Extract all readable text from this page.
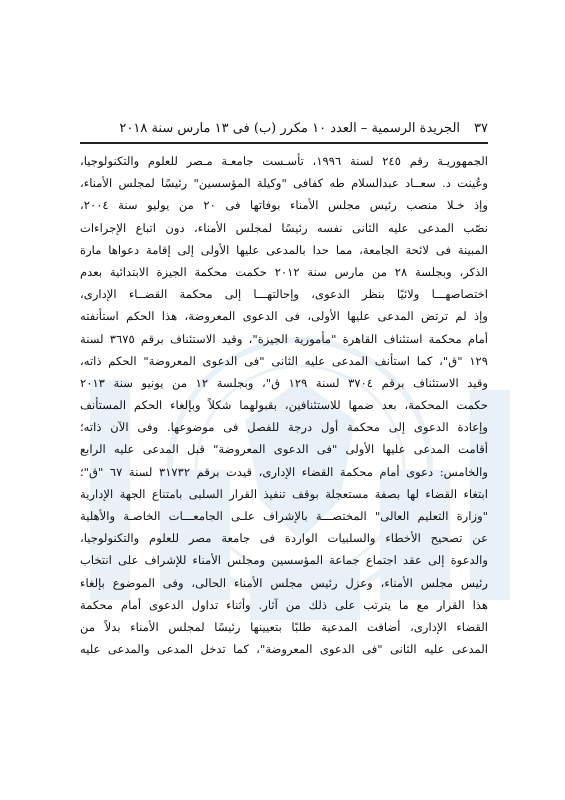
٣٧
الجريدة الرسمية – العدد ١٠ مكرر (ب) فى ١٣ مارس سنة ٢٠١٨
الجمهوريـة رقم ٢٤٥ لسنة ١٩٩٦، تأسـست جامعـة مـصر للعلوم والتكنولوجيا،
وعُينت د. سعــاد عبدالسلام طه كفافى "وكيلة المؤسسين" رئيسًا لمجلس الأمناء،
وإذ خـلا منصب رئيس مجلس الأمناء بوفاتها فى ٢٠ من يوليو سنة ٢٠٠٤،
نصّب المدعى عليه الثانى نفسه رئيسًا لمجلس الأمناء، دون اتباع الإجراءات
المبينة فى لائحة الجامعة، مما حدا بالمدعى عليها الأولى إلى إقامة دعواها مارة
الذكر، وبجلسة ٢٨ من مارس سنة ٢٠١٢ حكمت محكمة الجيزة الابتدائية بعدم
اختصاصهـــا ولائيًا بنظر الدعوى، وإحالتهـــا إلى محكمة القضــاء الإدارى،
وإذ لم ترتض المدعى عليها الأولى، فى الدعوى المعروضة، هذا الحكم استأنفته
أمام محكمة استئناف القاهرة "مأمورية الجيزة"، وقيد الاستئناف برقم ٣٦٧٥ لسنة
١٢٩ "ق"، كما استأنف المدعى عليه الثانى "فى الدعوى المعروضة" الحكم ذاته،
وقيد الاستئناف برقم ٣٧٠٤ لسنة ١٢٩ ق"، وبجلسة ١٢ من يونيو سنة ٢٠١٣
حكمت المحكمة، بعد ضمها للاستئنافين، بقبولهما شكلاً وبإلغاء الحكم المستأنف
وإعادة الدعوى إلى محكمة أول درجة للفصل فى موضوعها. وفى الآن ذاته؛
أقامت المدعى عليها الأولى "فى الدعوى المعروضة" قبل المدعى عليه الرابع
والخامس: دعوى أمام محكمة القضاء الإدارى، قيدت برقم ٣١٧٣٢ لسنة ٦٧ "ق"؛
ابتغاء القضاء لها بصفة مستعجلة بوقف تنفيذ القرار السلبى بامتناع الجهة الإدارية
"وزارة التعليم العالى" المختصـــة بالإشراف علـى الجامعـــات الخاصـة والأهلية
عن تصحيح الأخطاء والسلبيات الواردة فى جامعة مصر للعلوم والتكنولوجيا،
والدعوة إلى عقد اجتماع جماعة المؤسسين ومجلس الأمناء للإشراف على انتخاب
رئيس مجلس الأمناء، وعزل رئيس مجلس الأمناء الحالى، وفى الموضوع بإلغاء
هذا القرار مع ما يترتب على ذلك من آثار. وأثناء تداول الدعوى أمام محكمة
القضاء الإدارى، أضافت المدعية طلبًا بتعيينها رئيسًا لمجلس الأمناء بدلاً من
المدعى عليه الثانى "فى الدعوى المعروضة"، كما تدخل المدعى والمدعى عليه
